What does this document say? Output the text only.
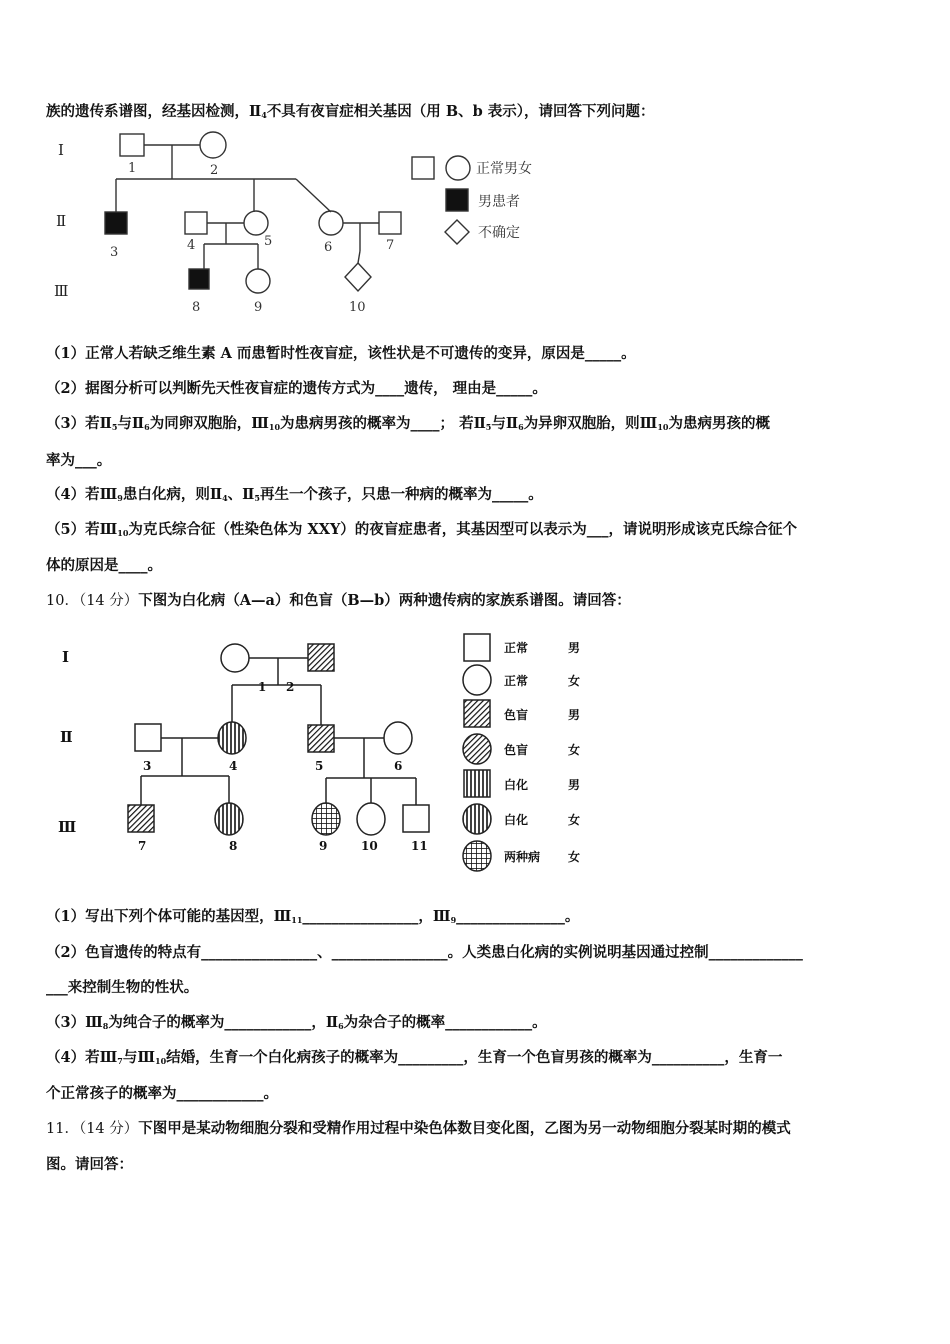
族的遗传系谱图，经基因检测，$Ⅱ_4$不具有夜盲症相关基因（用 B、b 表示），请回答下列问题：
Ⅰ
Ⅱ
Ⅲ
1	2
3	4	5	6	7
8	9	10
正常男女
男患者
不确定
（1）正常人若缺乏维生素 A 而患暂时性夜盲症，该性状是不可遗传的变异，原因是_____。
（2）据图分析可以判断先天性夜盲症的遗传方式为____遗传， 理由是_____。
（3）若$Ⅱ_5$与$Ⅱ_6$为同卵双胞胎，$Ⅲ_{10}$为患病男孩的概率为____； 若$Ⅱ_5$与$Ⅱ_6$为异卵双胞胎，则$Ⅲ_{10}$为患病男孩的概
率为___。
（4）若$Ⅲ_9$患白化病，则$Ⅱ_4$、$Ⅱ_5$再生一个孩子，只患一种病的概率为_____。
（5）若$Ⅲ_{10}$为克氏综合征（性染色体为 XXY）的夜盲症患者，其基因型可以表示为___，请说明形成该克氏综合征个
体的原因是____。
10．（14 分）下图为白化病（A—a）和色盲（B—b）两种遗传病的家族系谱图。请回答：
Ⅰ
Ⅱ
Ⅲ
1 2
3	4	5	6
7	8	9	10	11
正常	男
正常	女
色盲	男
色盲	女
白化	男
白化	女
两种病 女
（1）写出下列个体可能的基因型，$Ⅲ_{11}\_\_\_\_\_\_\_\_\_\_\_\_\_\_\_\_$，$Ⅲ_9\_\_\_\_\_\_\_\_\_\_\_\_\_\_\_$。
（2）色盲遗传的特点有________________、________________。人类患白化病的实例说明基因通过控制_____________
___来控制生物的性状。
$(3)Ⅲ_8$为纯合子的概率为____________，$Ⅱ_6$为杂合子的概率____________。
（4）若$Ⅲ_7$与$Ⅲ_{10}$结婚，生育一个白化病孩子的概率为_________，生育一个色盲男孩的概率为__________，生育一
个正常孩子的概率为____________。
11．（14 分）下图甲是某动物细胞分裂和受精作用过程中染色体数目变化图，乙图为另一动物细胞分裂某时期的模式
图。请回答：
